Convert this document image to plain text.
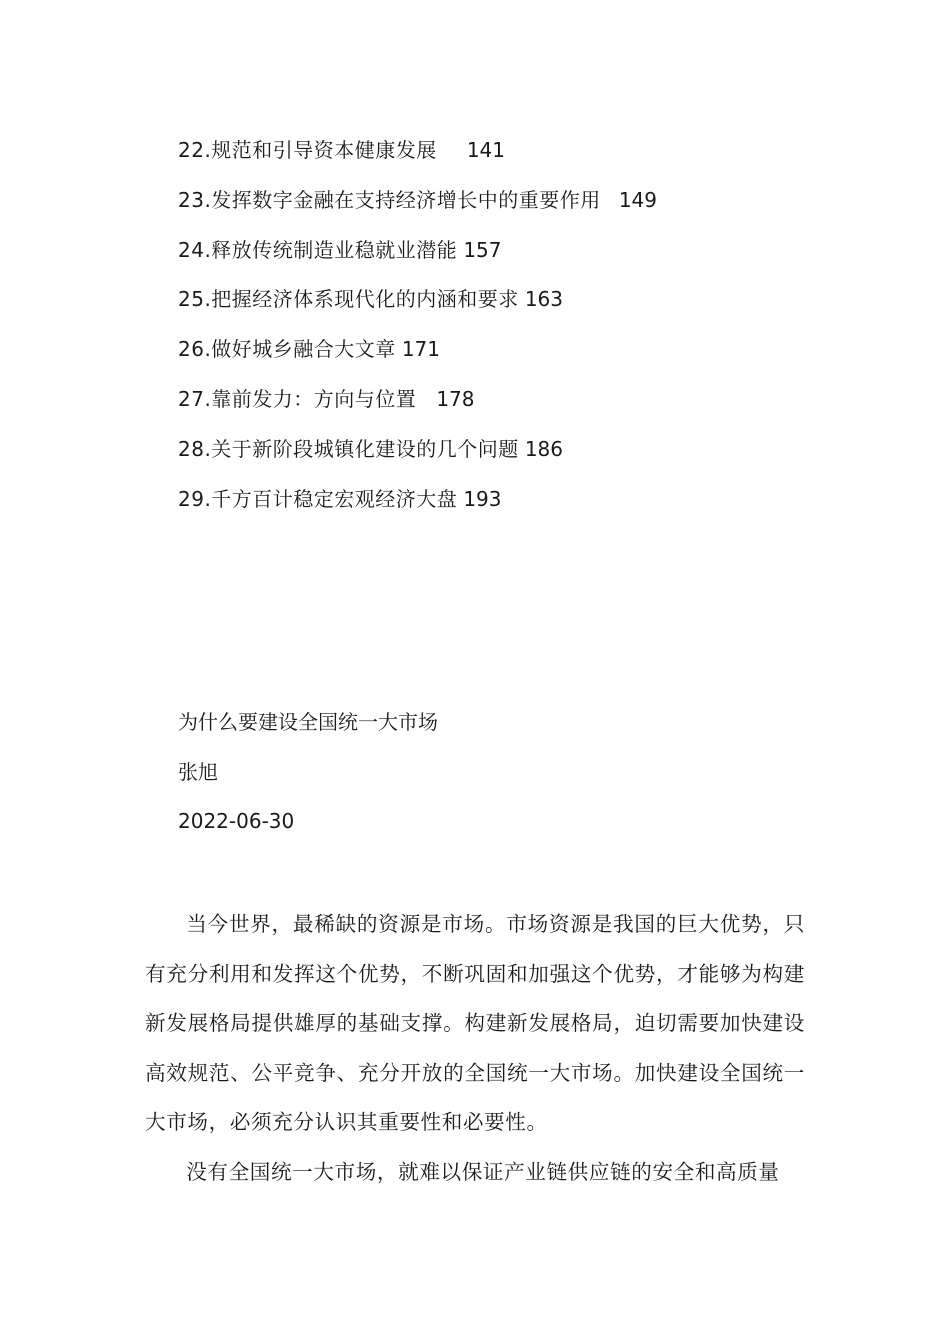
22.规范和引导资本健康发展 141
23.发挥数字金融在支持经济增长中的重要作用 149
24.释放传统制造业稳就业潜能 157
25.把握经济体系现代化的内涵和要求 163
26.做好城乡融合大文章 171
27.靠前发力：方向与位置 178
28.关于新阶段城镇化建设的几个问题 186
29.千方百计稳定宏观经济大盘 193
为什么要建设全国统一大市场
张旭
2022-06-30

当今世界，最稀缺的资源是市场。市场资源是我国的巨大优势，只有充分利用和发挥这个优势，不断巩固和加强这个优势，才能够为构建新发展格局提供雄厚的基础支撑。构建新发展格局，迫切需要加快建设高效规范、公平竞争、充分开放的全国统一大市场。加快建设全国统一大市场，必须充分认识其重要性和必要性。

没有全国统一大市场，就难以保证产业链供应链的安全和高质量
